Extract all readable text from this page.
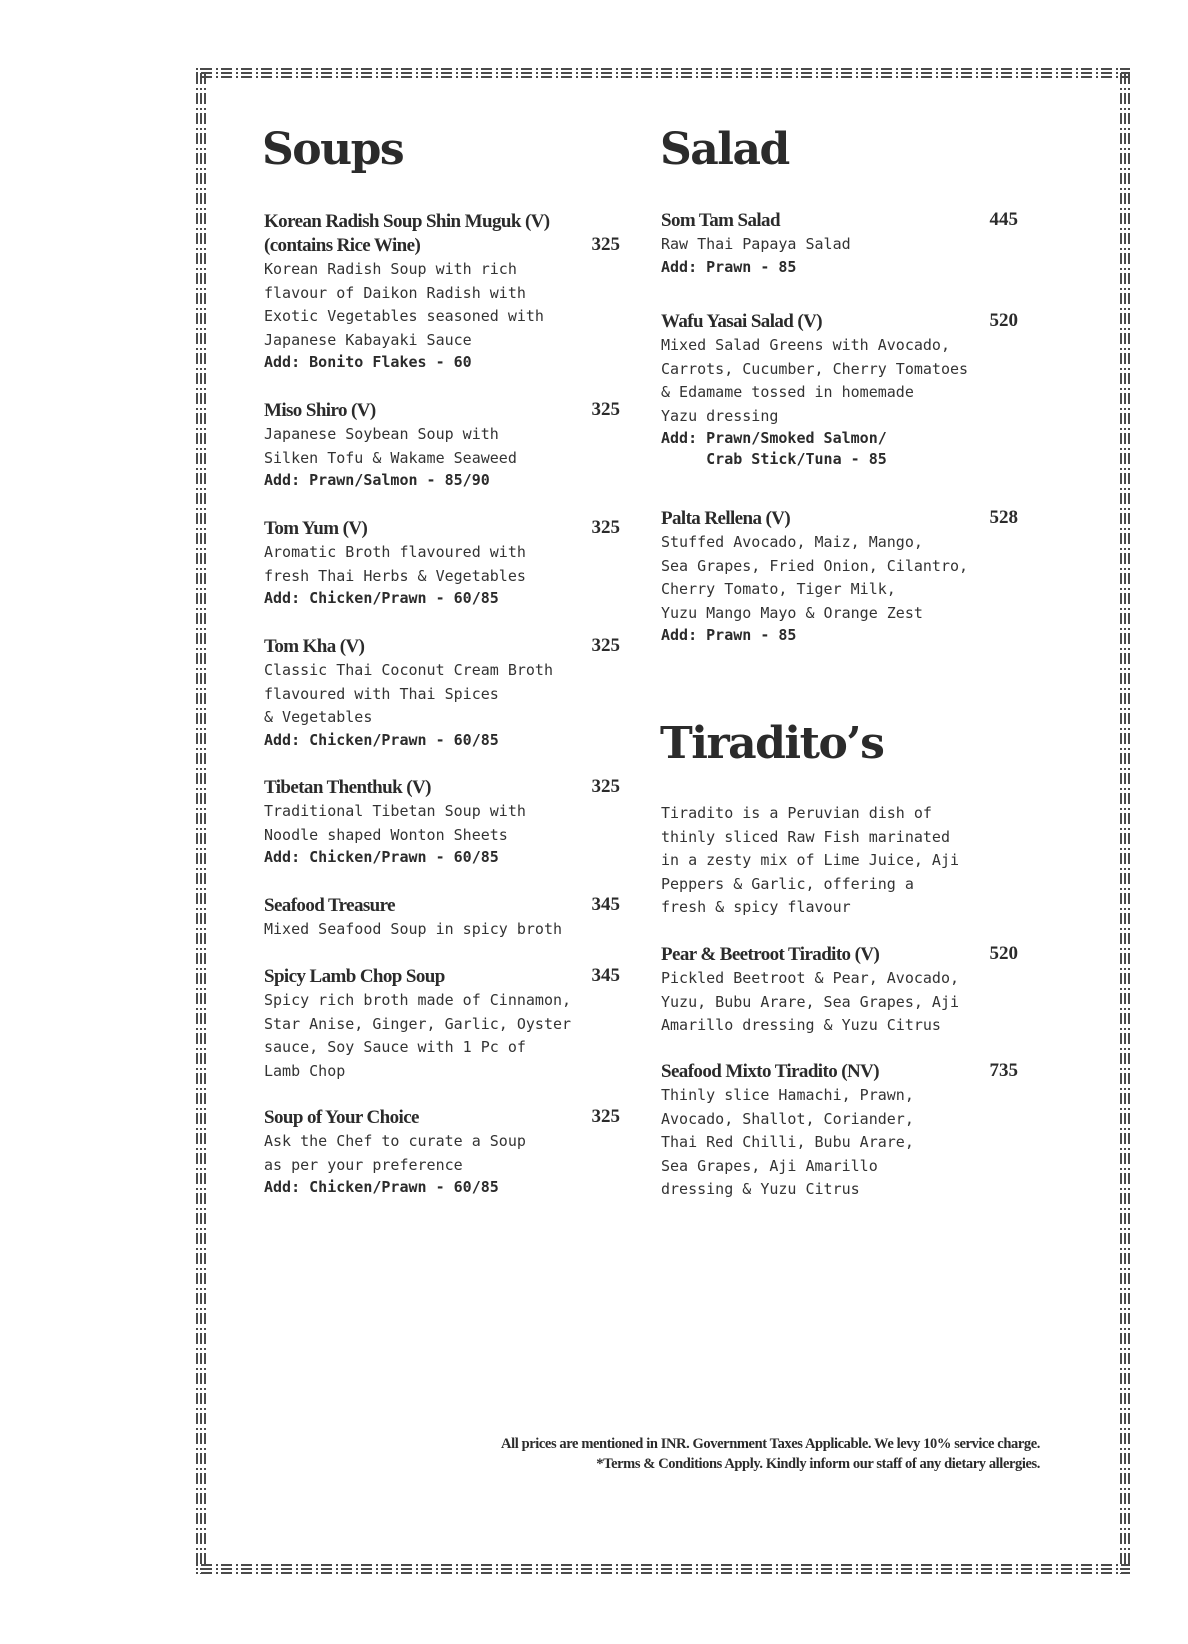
Soups
Korean Radish Soup Shin Muguk (V)
(contains Rice Wine)	325
Korean Radish Soup with rich
flavour of Daikon Radish with
Exotic Vegetables seasoned with
Japanese Kabayaki Sauce
Add: Bonito Flakes - 60
Miso Shiro (V)	325
Japanese Soybean Soup with
Silken Tofu & Wakame Seaweed
Add: Prawn/Salmon - 85/90
Tom Yum (V)	325
Aromatic Broth flavoured with
fresh Thai Herbs & Vegetables
Add: Chicken/Prawn - 60/85
Tom Kha (V)	325
Classic Thai Coconut Cream Broth
flavoured with Thai Spices
& Vegetables
Add: Chicken/Prawn - 60/85
Tibetan Thenthuk (V)	325
Traditional Tibetan Soup with
Noodle shaped Wonton Sheets
Add: Chicken/Prawn - 60/85
Seafood Treasure	345
Mixed Seafood Soup in spicy broth
Spicy Lamb Chop Soup	345
Spicy rich broth made of Cinnamon,
Star Anise, Ginger, Garlic, Oyster
sauce, Soy Sauce with 1 Pc of
Lamb Chop
Soup of Your Choice	325
Ask the Chef to curate a Soup
as per your preference
Add: Chicken/Prawn - 60/85
Salad
Som Tam Salad	445
Raw Thai Papaya Salad
Add: Prawn - 85
Wafu Yasai Salad (V)	520
Mixed Salad Greens with Avocado,
Carrots, Cucumber, Cherry Tomatoes
& Edamame tossed in homemade
Yazu dressing
Add: Prawn/Smoked Salmon/
Crab Stick/Tuna - 85
Palta Rellena (V)	528
Stuffed Avocado, Maiz, Mango,
Sea Grapes, Fried Onion, Cilantro,
Cherry Tomato, Tiger Milk,
Yuzu Mango Mayo & Orange Zest
Add: Prawn - 85
Tiradito’s

Tiradito is a Peruvian dish of
thinly sliced Raw Fish marinated
in a zesty mix of Lime Juice, Aji
Peppers & Garlic, offering a
fresh & spicy flavour

Pear & Beetroot Tiradito (V)	520
Pickled Beetroot & Pear, Avocado,
Yuzu, Bubu Arare, Sea Grapes, Aji
Amarillo dressing & Yuzu Citrus
Seafood Mixto Tiradito (NV)	735
Thinly slice Hamachi, Prawn,
Avocado, Shallot, Coriander,
Thai Red Chilli, Bubu Arare,
Sea Grapes, Aji Amarillo
dressing & Yuzu Citrus
All prices are mentioned in INR. Government Taxes Applicable. We levy 10% service charge.
*Terms & Conditions Apply. Kindly inform our staff of any dietary allergies.
